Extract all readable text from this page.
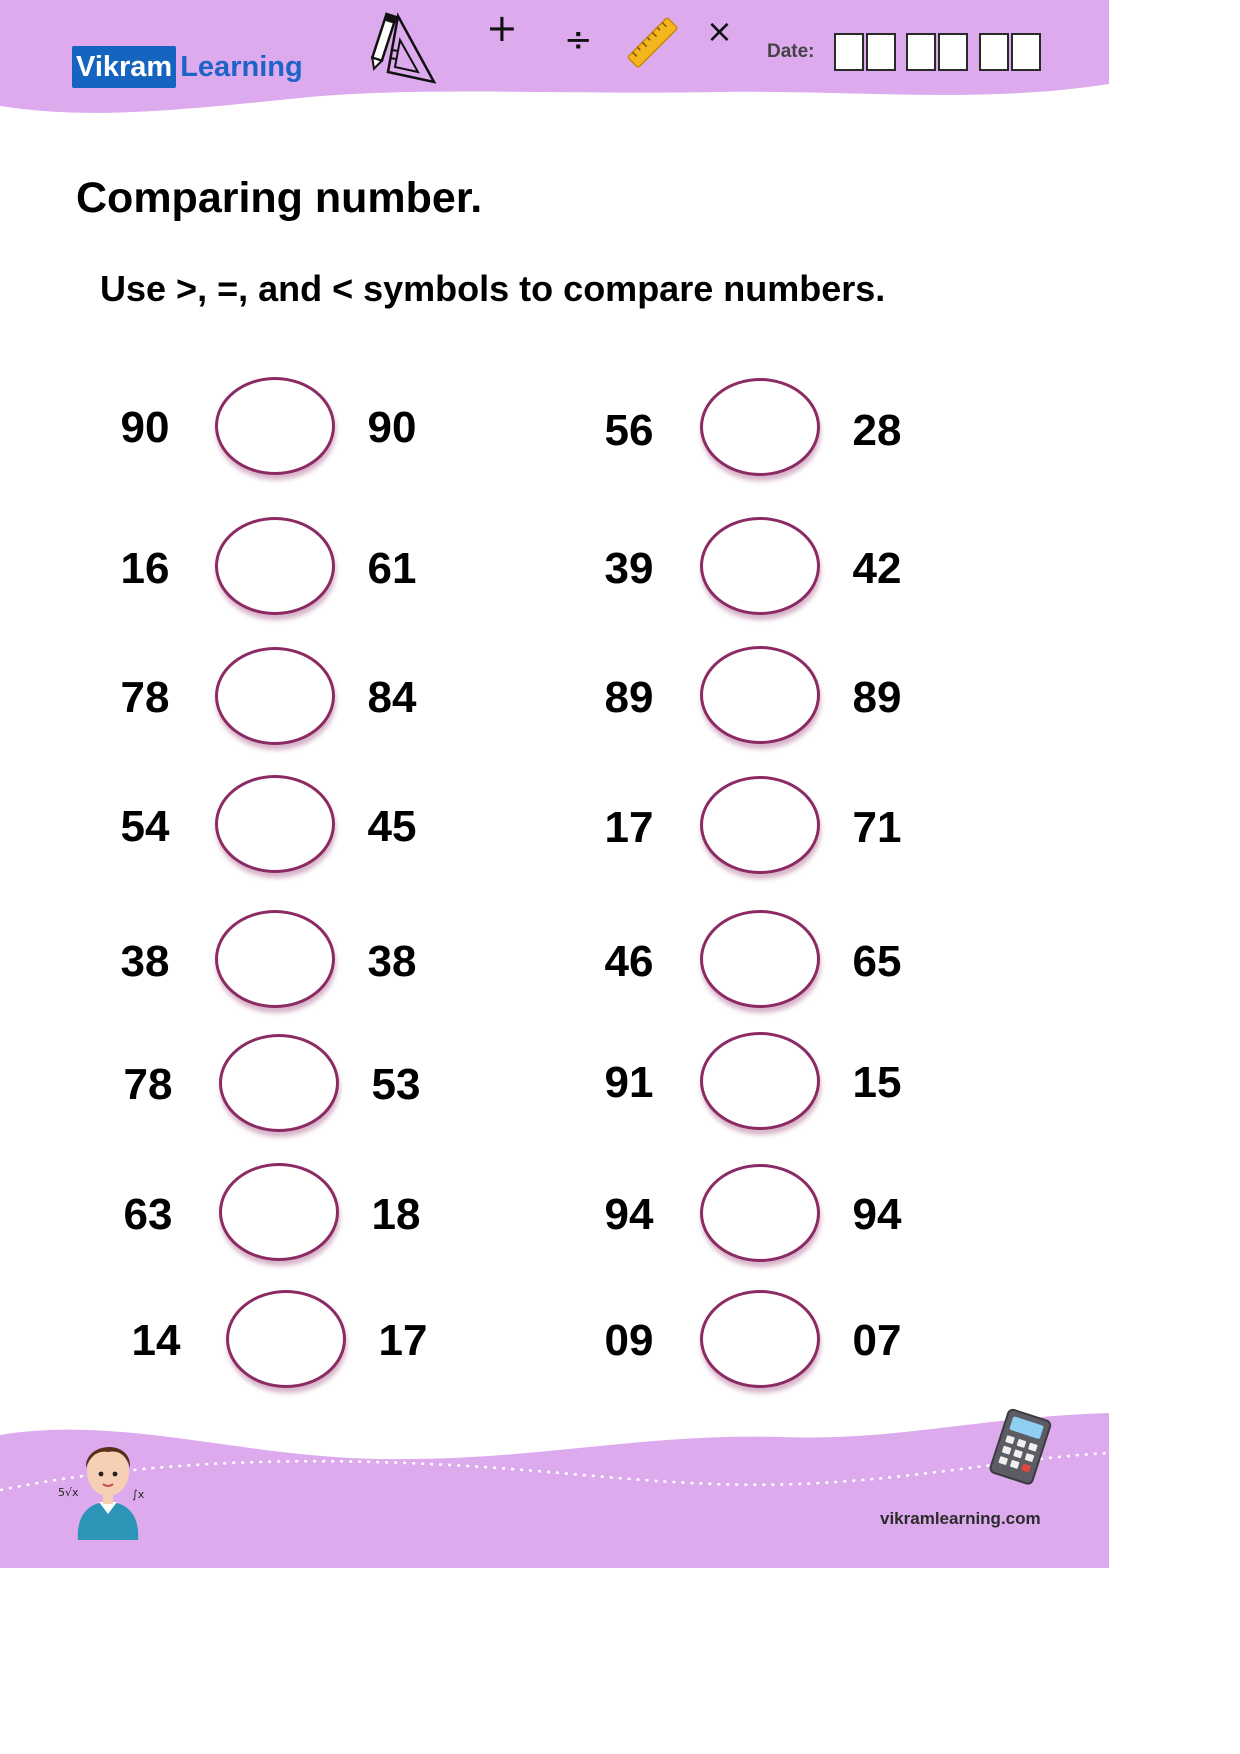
Vikram Learning
+ ÷	×
Date:
Comparing number.
Use >, =, and < symbols to compare numbers.
90	90
16	61
78	84
54	45
38	38
78	53
63	18
14	17
56	28
39	42
89	89
17	71
46	65
91	15
94	94
09	07
5√x	∫x
vikramlearning.com
